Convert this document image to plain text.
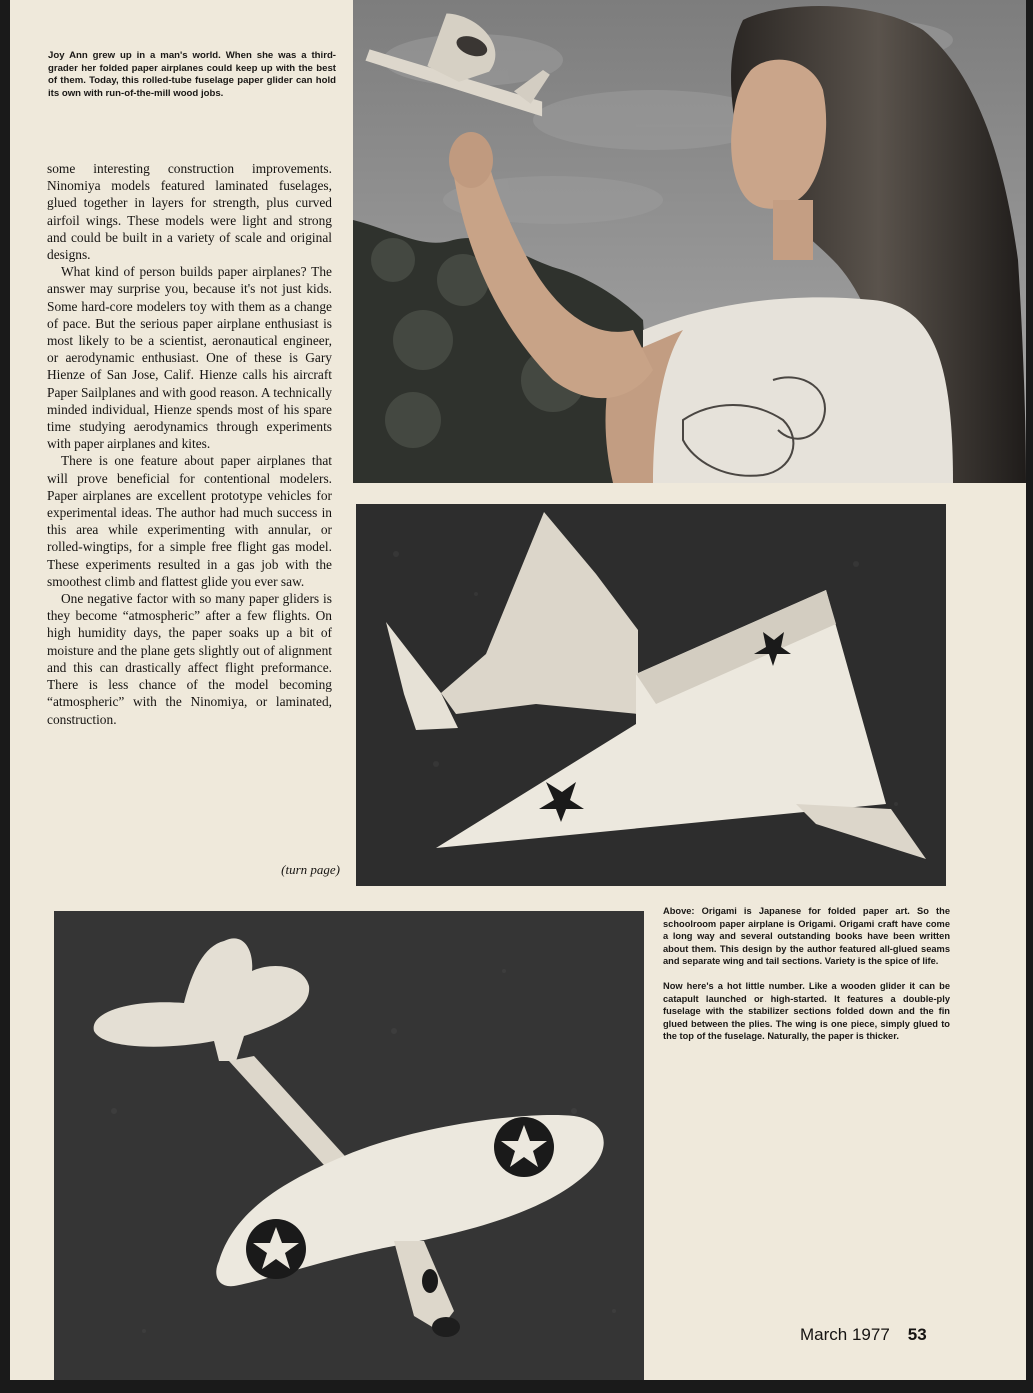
Joy Ann grew up in a man's world. When she was a third-grader her folded paper airplanes could keep up with the best of them. Today, this rolled-tube fuselage paper glider can hold its own with run-of-the-mill wood jobs.

some interesting construction improvements. Ninomiya models featured laminated fuselages, glued together in layers for strength, plus curved airfoil wings. These models were light and strong and could be built in a variety of scale and original designs.

What kind of person builds paper airplanes? The answer may surprise you, because it's not just kids. Some hard-core modelers toy with them as a change of pace. But the serious paper airplane enthusiast is most likely to be a scientist, aeronautical engineer, or aerodynamic enthusiast. One of these is Gary Hienze of San Jose, Calif. Hienze calls his aircraft Paper Sailplanes and with good reason. A technically minded individual, Hienze spends most of his spare time studying aerodynamics through experiments with paper airplanes and kites.

There is one feature about paper airplanes that will prove beneficial for contentional modelers. Paper airplanes are excellent prototype vehicles for experimental ideas. The author had much success in this area while experimenting with annular, or rolled-wingtips, for a simple free flight gas model. These experiments resulted in a gas job with the smoothest climb and flattest glide you ever saw.

One negative factor with so many paper gliders is they become “atmospheric” after a few flights. On high humidity days, the paper soaks up a bit of moisture and the plane gets slightly out of alignment and this can drastically affect flight preformance. There is less chance of the model becoming “atmospheric” with the Ninomiya, or laminated, construction.

(turn page)

Above: Origami is Japanese for folded paper art. So the schoolroom paper airplane is Origami. Origami craft have come a long way and several outstanding books have been written about them. This design by the author featured all-glued seams and separate wing and tail sections. Variety is the spice of life.

Now here's a hot little number. Like a wooden glider it can be catapult launched or high-started. It features a double-ply fuselage with the stabilizer sections folded down and the fin glued between the plies. The wing is one piece, simply glued to the top of the fuselage. Naturally, the paper is thicker.

March 1977 53
